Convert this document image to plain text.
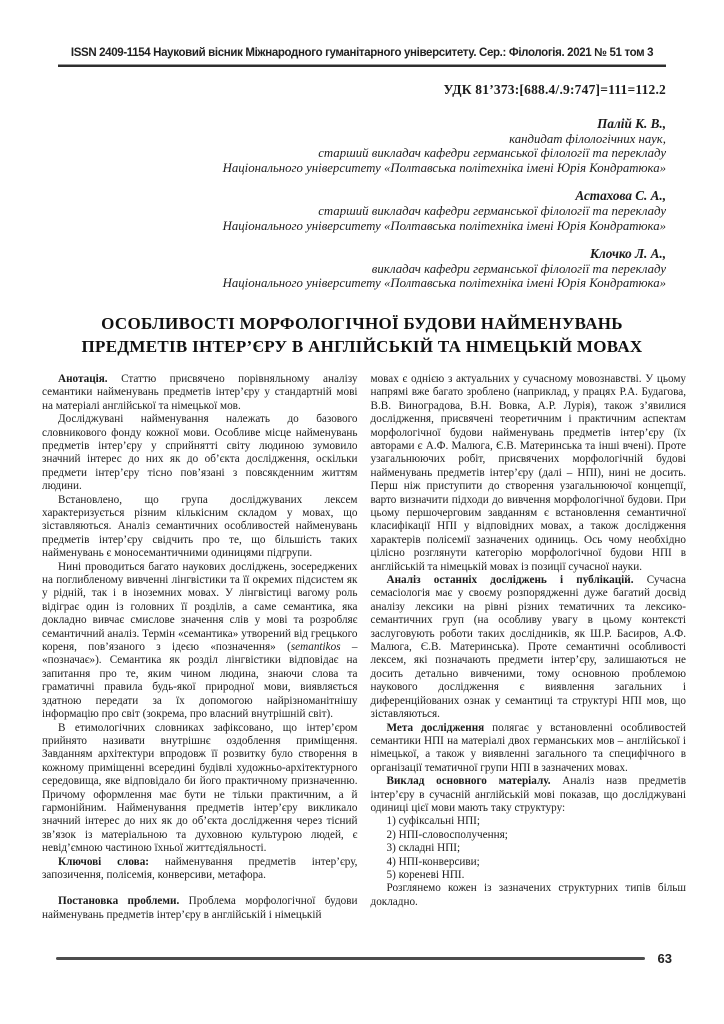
ISSN 2409-1154 Науковий вісник Міжнародного гуманітарного університету. Сер.: Філологія. 2021 № 51 том 3
УДК 81’373:[688.4/.9:747]=111=112.2
Палій К. В.,
кандидат філологічних наук,
старший викладач кафедри германської філології та перекладу
Національного університету «Полтавська політехніка імені Юрія Кондратюка»
Астахова С. А.,
старший викладач кафедри германської філології та перекладу
Національного університету «Полтавська політехніка імені Юрія Кондратюка»
Клочко Л. А.,
викладач кафедри германської філології та перекладу
Національного університету «Полтавська політехніка імені Юрія Кондратюка»
ОСОБЛИВОСТІ МОРФОЛОГІЧНОЇ БУДОВИ НАЙМЕНУВАНЬ
ПРЕДМЕТІВ ІНТЕР’ЄРУ В АНГЛІЙСЬКІЙ ТА НІМЕЦЬКІЙ МОВАХ

Анотація. Статтю присвячено порівняльному аналізу семантики найменувань предметів інтер’єру у стандартній мові на матеріалі англійської та німецької мов.

Досліджувані найменування належать до базового словникового фонду кожної мови. Особливе місце найменувань предметів інтер’єру у сприйнятті світу людиною зумовило значний інтерес до них як до об’єкта дослідження, оскільки предмети інтер’єру тісно пов’язані з повсякденним життям людини.

Встановлено, що група досліджуваних лексем характеризується різним кількісним складом у мовах, що зіставляються. Аналіз семантичних особливостей найменувань предметів інтер’єру свідчить про те, що більшість таких найменувань є моносемантичними одиницями підгрупи.

Нині проводиться багато наукових досліджень, зосереджених на поглибленому вивченні лінгвістики та її окремих підсистем як у рідній, так і в іноземних мовах. У лінгвістиці вагому роль відіграє один із головних її розділів, а саме семантика, яка докладно вивчає смислове значення слів у мові та розробляє семантичний аналіз. Термін «семантика» утворений від грецького кореня, пов’язаного з ідеєю «позначення» (semantikos – «позначає»). Семантика як розділ лінгвістики відповідає на запитання про те, яким чином людина, знаючи слова та граматичні правила будь-якої природної мови, виявляється здатною передати за їх допомогою найрізноманітнішу інформацію про світ (зокрема, про власний внутрішній світ).

В етимологічних словниках зафіксовано, що інтер’єром прийнято називати внутрішнє оздоблення приміщення. Завданням архітектури впродовж її розвитку було створення в кожному приміщенні всередині будівлі художньо-архітектурного середовища, яке відповідало би його практичному призначенню. Причому оформлення має бути не тільки практичним, а й гармонійним. Найменування предметів інтер’єру викликало значний інтерес до них як до об’єкта дослідження через тісний зв’язок із матеріальною та духовною культурою людей, є невід’ємною частиною їхньої життєдіяльності.

Ключові слова: найменування предметів інтер’єру, запозичення, полісемія, конверсиви, метафора.

Постановка проблеми. Проблема морфологічної будови найменувань предметів інтер’єру в англійській і німецькій

мовах є однією з актуальних у сучасному мовознавстві. У цьому напрямі вже багато зроблено (наприклад, у працях Р.А. Будагова, В.В. Виноградова, В.Н. Вовка, А.Р. Лурія), також з’явилися дослідження, присвячені теоретичним і практичним аспектам морфологічної будови найменувань предметів інтер’єру (їх авторами є А.Ф. Малюга, Є.В. Материнська та інші вчені). Проте узагальнюючих робіт, присвячених морфологічній будові найменувань предметів інтер’єру (далі – НПІ), нині не досить. Перш ніж приступити до створення узагальнюючої концепції, варто визначити підходи до вивчення морфологічної будови. При цьому першочерговим завданням є встановлення семантичної класифікації НПІ у відповідних мовах, а також дослідження характерів полісемії зазначених одиниць. Ось чому необхідно цілісно розглянути категорію морфологічної будови НПІ в англійській та німецькій мовах із позиції сучасної науки.

Аналіз останніх досліджень і публікацій. Сучасна семасіологія має у своєму розпорядженні дуже багатий досвід аналізу лексики на рівні різних тематичних та лексико-семантичних груп (на особливу увагу в цьому контексті заслуговують роботи таких дослідників, як Ш.Р. Басиров, А.Ф. Малюга, Є.В. Материнська). Проте семантичні особливості лексем, які позначають предмети інтер’єру, залишаються не досить детально вивченими, тому основною проблемою наукового дослідження є виявлення загальних і диференційованих ознак у семантиці та структурі НПІ мов, що зіставляються.

Мета дослідження полягає у встановленні особливостей семантики НПІ на матеріалі двох германських мов – англійської і німецької, а також у виявленні загального та специфічного в організації тематичної групи НПІ в зазначених мовах.

Виклад основного матеріалу. Аналіз назв предметів інтер’єру в сучасній англійській мові показав, що досліджувані одиниці цієї мови мають таку структуру:

1) суфіксальні НПІ;
2) НПІ-словосполучення;
3) складні НПІ;
4) НПІ-конверсиви;
5) кореневі НПІ.

Розглянемо кожен із зазначених структурних типів більш докладно.

63
